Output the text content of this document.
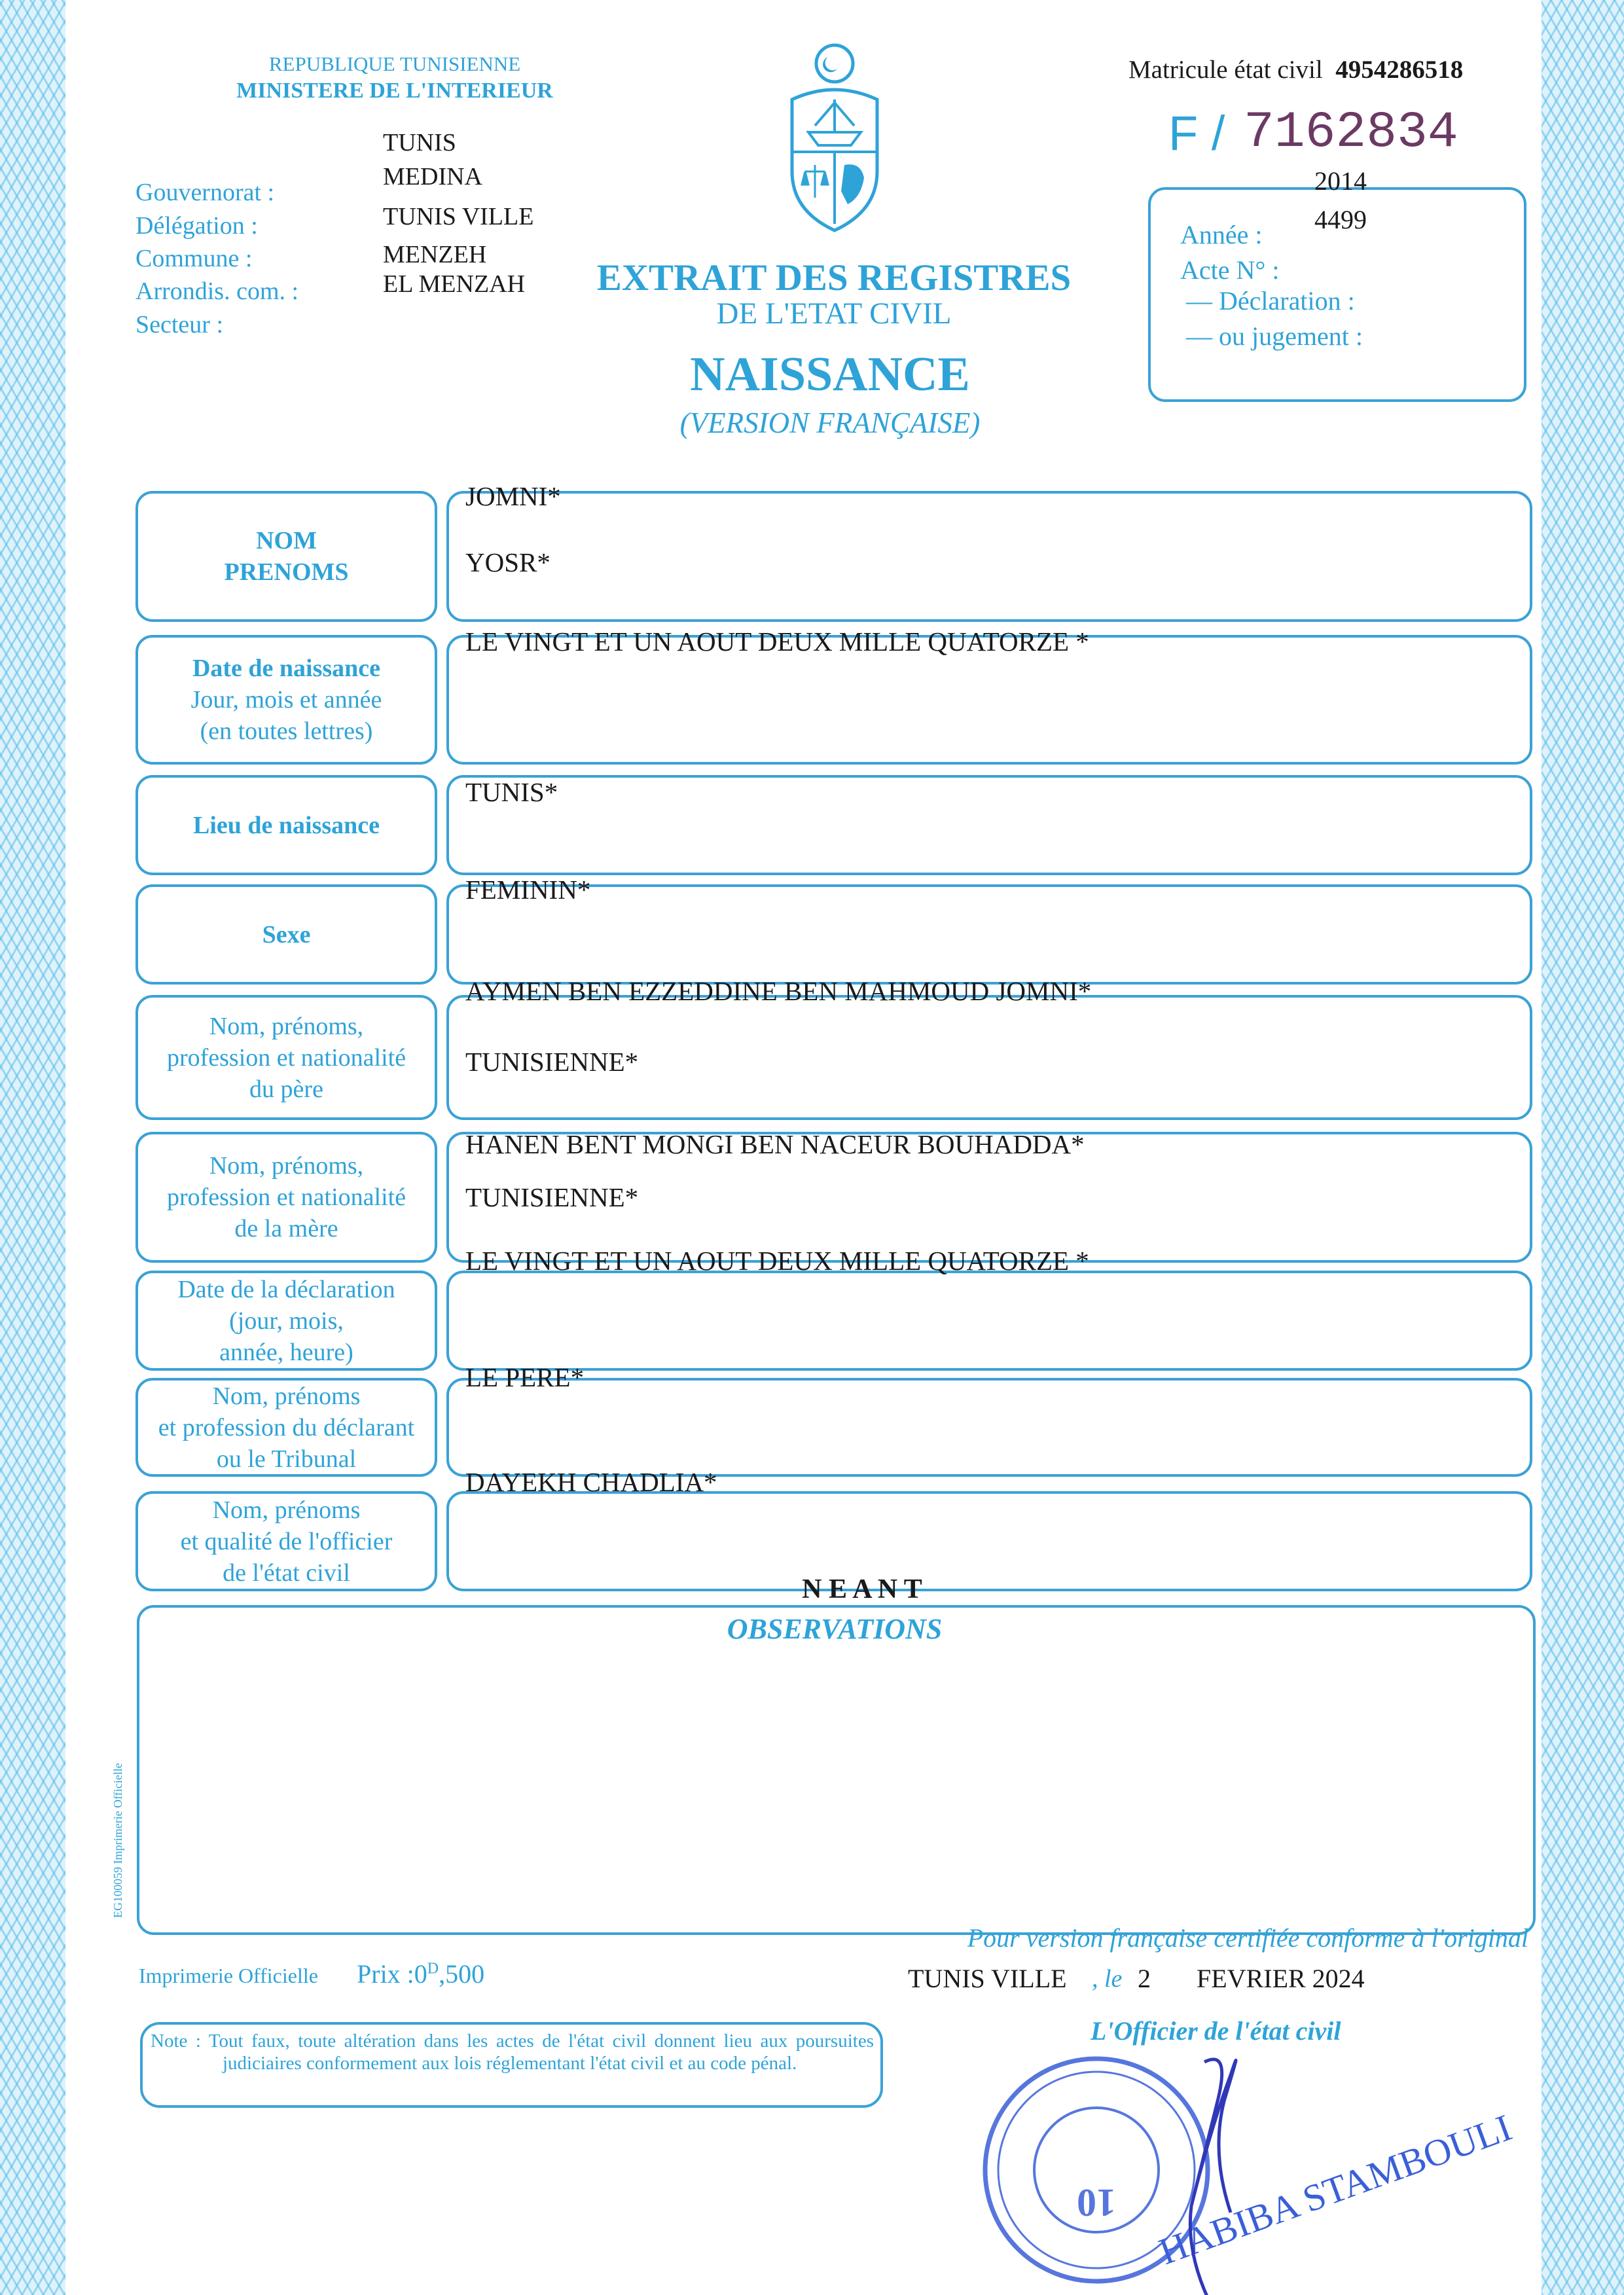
REPUBLIQUE TUNISIENNE
MINISTERE DE L'INTERIEUR
Gouvernorat :
Délégation :
Commune :
Arrondis. com. :
Secteur :
TUNIS
MEDINA
TUNIS VILLE
MENZEH
EL MENZAH
Matricule état civil 4954286518
F / 7162834
2014
4499
Année :
Acte N° :
— Déclaration :
— ou jugement :
EXTRAIT DES REGISTRES
DE L'ETAT CIVIL
NAISSANCE
(VERSION FRANÇAISE)
NOM
PRENOMS
JOMNI*
YOSR*
Date de naissance
Jour, mois et année
(en toutes lettres)
LE VINGT ET UN AOUT DEUX MILLE QUATORZE *
Lieu de naissance
TUNIS*
Sexe
FEMININ*
Nom, prénoms,
profession et nationalité
du père
AYMEN BEN EZZEDDINE BEN MAHMOUD JOMNI*
TUNISIENNE*
Nom, prénoms,
profession et nationalité
de la mère
HANEN BENT MONGI BEN NACEUR BOUHADDA*
TUNISIENNE*
Date de la déclaration
(jour, mois,
année, heure)
LE VINGT ET UN AOUT DEUX MILLE QUATORZE *
Nom, prénoms
et profession du déclarant
ou le Tribunal
LE PERE*
Nom, prénoms
et qualité de l'officier
de l'état civil
DAYEKH CHADLIA*
OBSERVATIONS
N E A N T
EG100059 Imprimerie Officielle
Imprimerie Officielle Prix $:0^D,500$
Pour version française certifiée conforme à l'original
TUNIS VILLE , le 2 FEVRIER 2024
L'Officier de l'état civil
Note : Tout faux, toute altération dans les actes de l'état civil donnent lieu aux poursuites judiciaires conformement aux lois réglementant l'état civil et au code pénal.
10 HABIBA STAMBOULI
